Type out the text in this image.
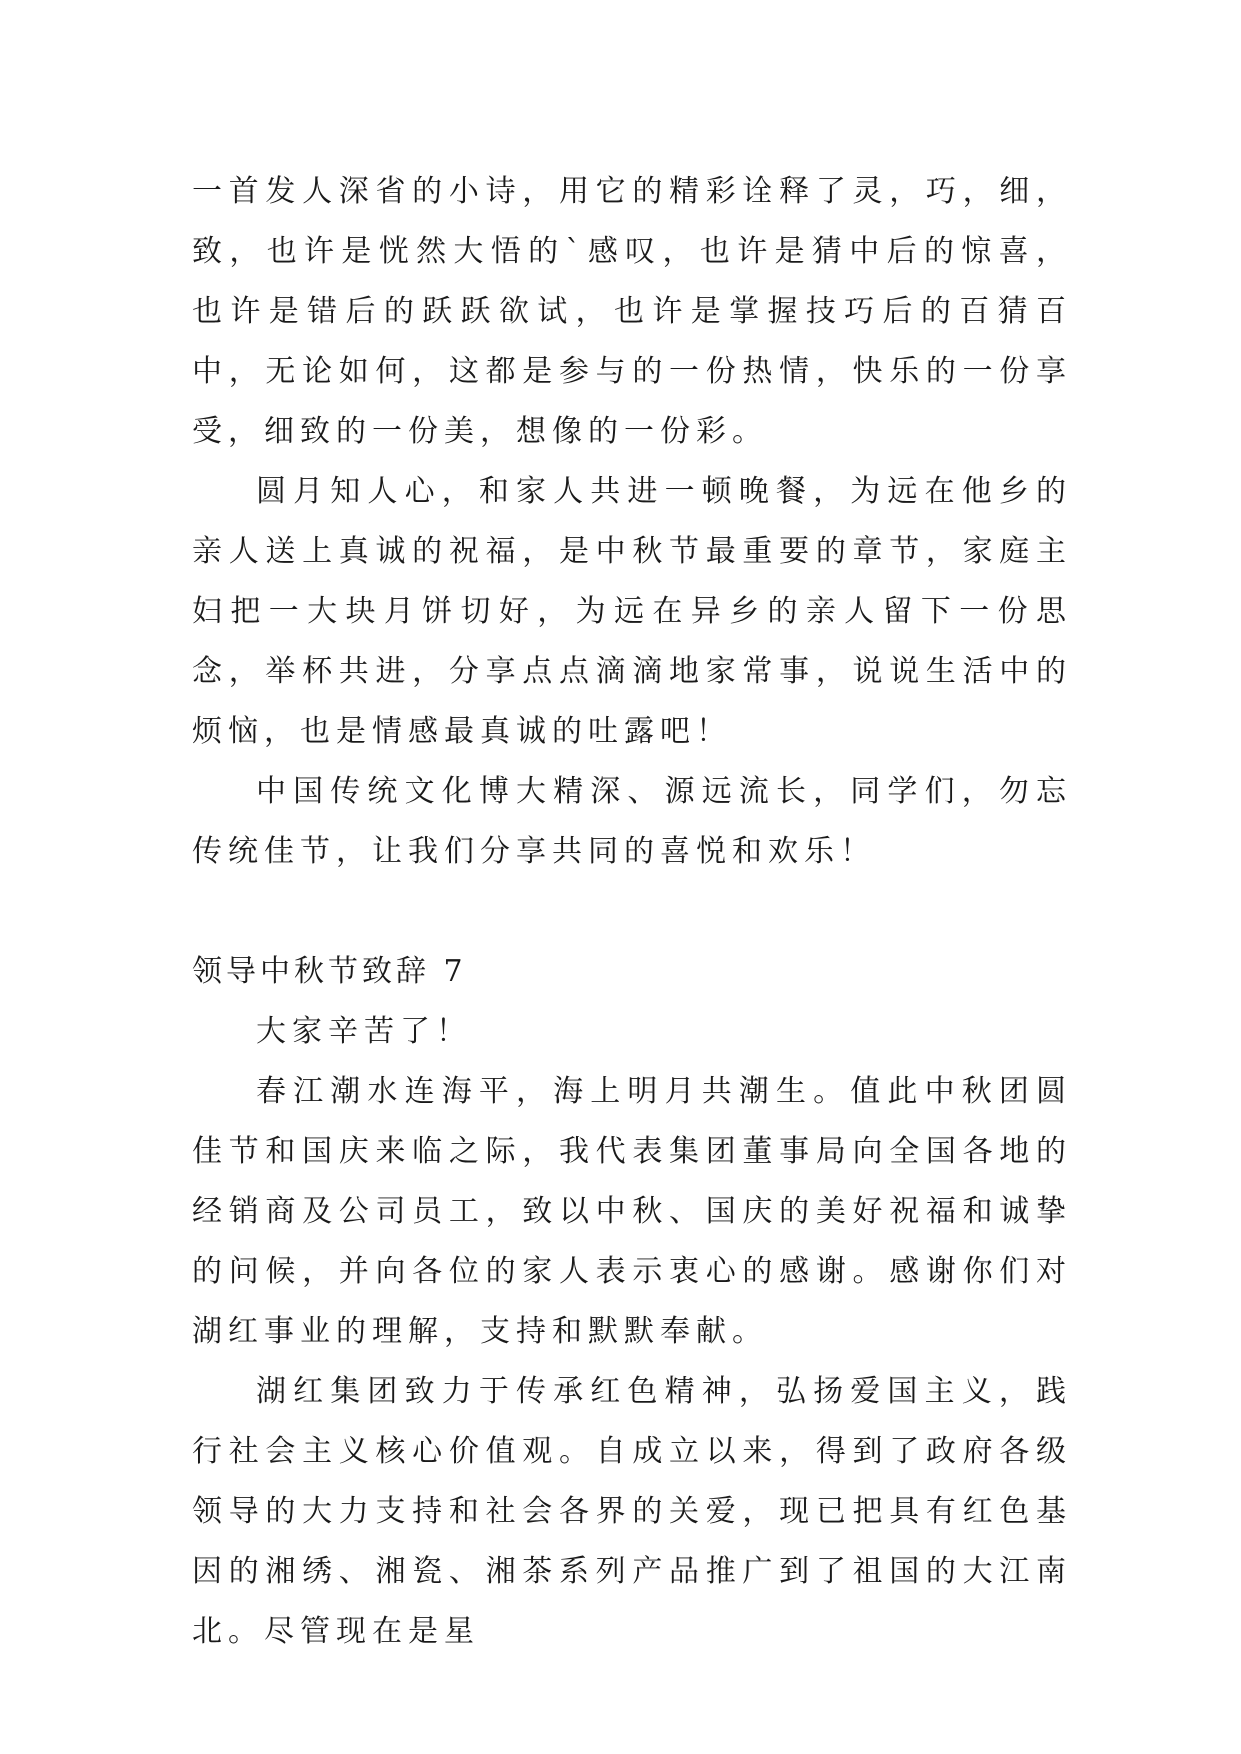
一首发人深省的小诗，用它的精彩诠释了灵，巧，细，致，也许是恍然大悟的`感叹，也许是猜中后的惊喜，也许是错后的跃跃欲试，也许是掌握技巧后的百猜百中，无论如何，这都是参与的一份热情，快乐的一份享受，细致的一份美，想像的一份彩。

圆月知人心，和家人共进一顿晚餐，为远在他乡的亲人送上真诚的祝福，是中秋节最重要的章节，家庭主妇把一大块月饼切好，为远在异乡的亲人留下一份思念，举杯共进，分享点点滴滴地家常事，说说生活中的烦恼，也是情感最真诚的吐露吧！

中国传统文化博大精深、源远流长，同学们，勿忘传统佳节，让我们分享共同的喜悦和欢乐！

领导中秋节致辞 7

大家辛苦了！

春江潮水连海平，海上明月共潮生。值此中秋团圆佳节和国庆来临之际，我代表集团董事局向全国各地的经销商及公司员工，致以中秋、国庆的美好祝福和诚挚的问候，并向各位的家人表示衷心的感谢。感谢你们对湖红事业的理解，支持和默默奉献。

湖红集团致力于传承红色精神，弘扬爱国主义，践行社会主义核心价值观。自成立以来，得到了政府各级领导的大力支持和社会各界的关爱，现已把具有红色基因的湘绣、湘瓷、湘茶系列产品推广到了祖国的大江南北。尽管现在是星
